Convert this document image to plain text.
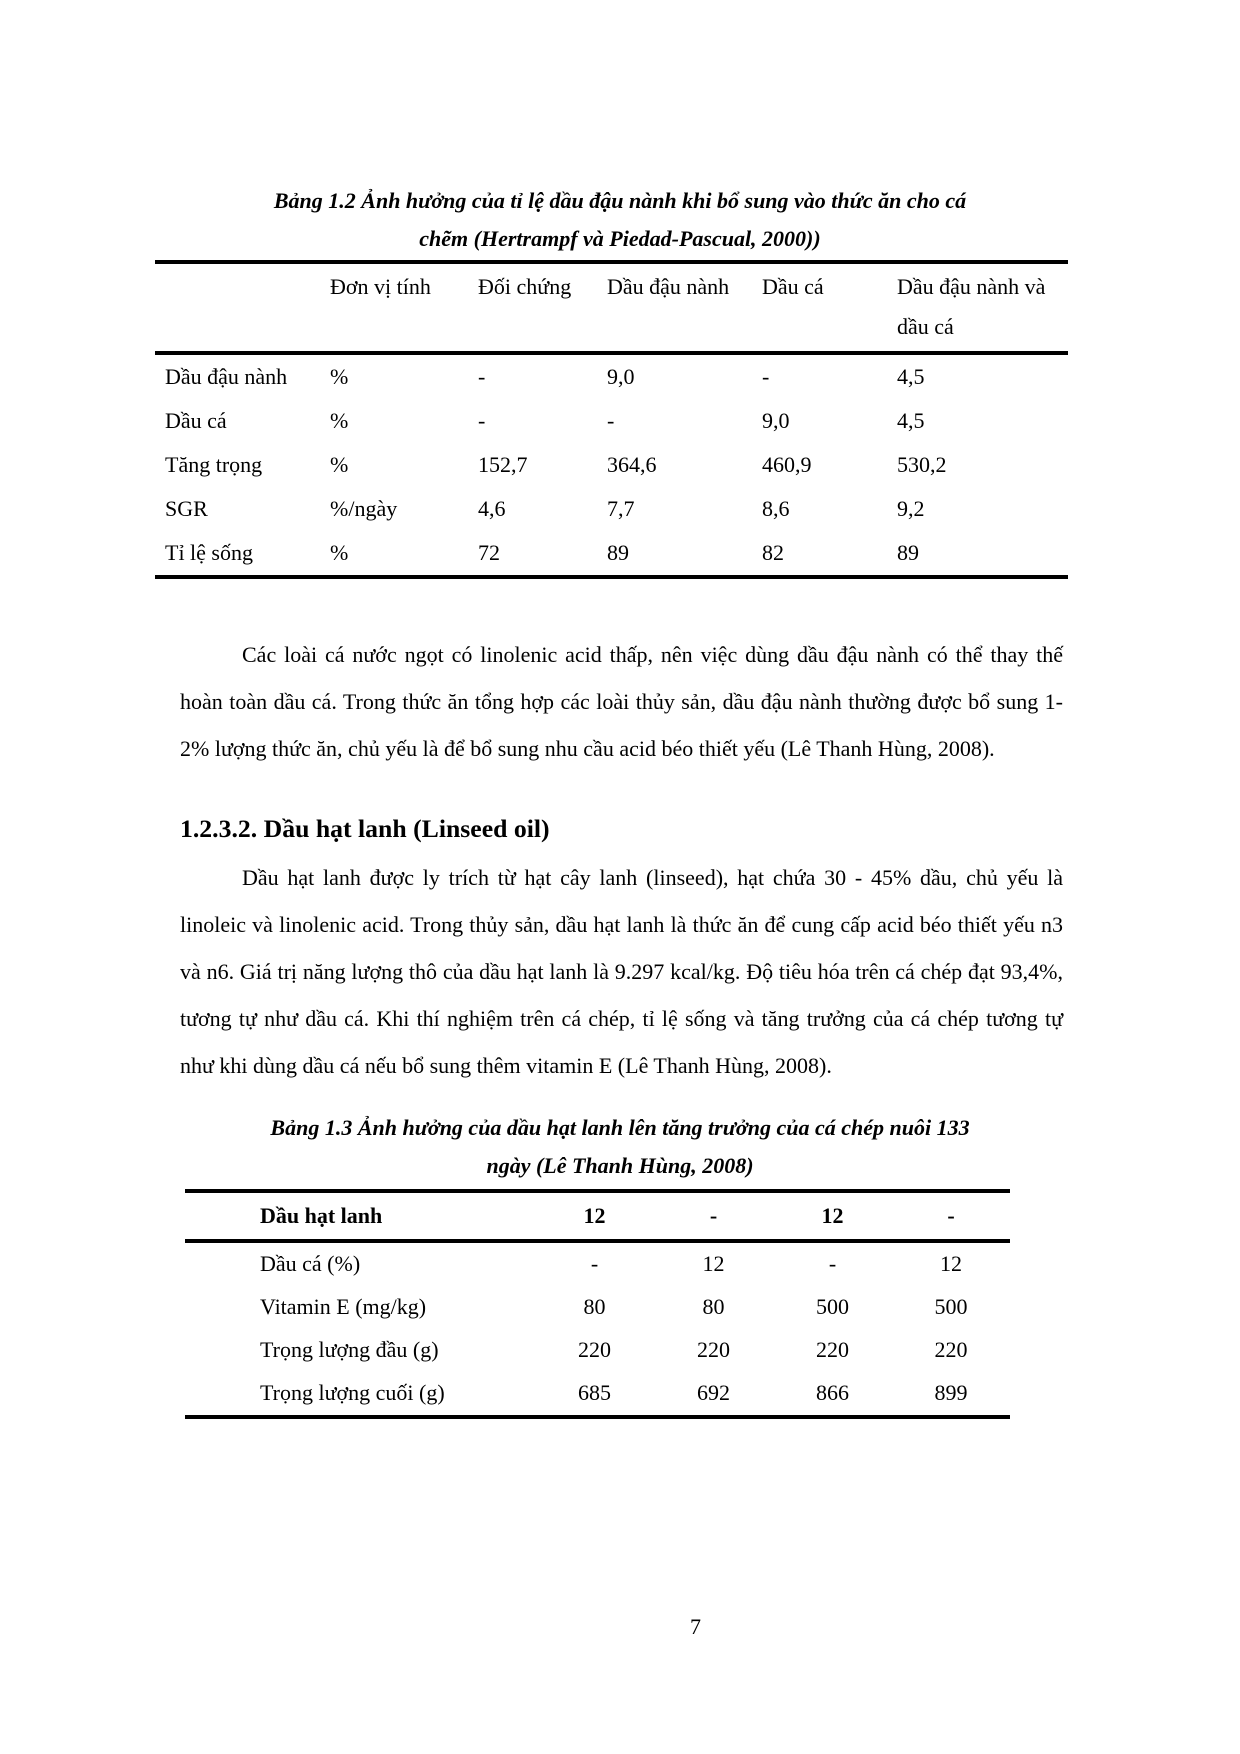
Bảng 1.2 Ảnh hưởng của tỉ lệ dầu đậu nành khi bổ sung vào thức ăn cho cá
chẽm (Hertrampf và Piedad-Pascual, 2000))
	Đơn vị tính	Đối chứng	Dầu đậu nành	Dầu cá	Dầu đậu nành và dầu cá
Dầu đậu nành	%	-	9,0	-	4,5
Dầu cá	%	-	-	9,0	4,5
Tăng trọng	%	152,7	364,6	460,9	530,2
SGR	%/ngày	4,6	7,7	8,6	9,2
Tỉ lệ sống	%	72	89	82	89

Các loài cá nước ngọt có linolenic acid thấp, nên việc dùng dầu đậu nành có thể thay thế hoàn toàn dầu cá. Trong thức ăn tổng hợp các loài thủy sản, dầu đậu nành thường được bổ sung 1-2% lượng thức ăn, chủ yếu là để bổ sung nhu cầu acid béo thiết yếu (Lê Thanh Hùng, 2008).

1.2.3.2. Dầu hạt lanh (Linseed oil)

Dầu hạt lanh được ly trích từ hạt cây lanh (linseed), hạt chứa 30 - 45% dầu, chủ yếu là linoleic và linolenic acid. Trong thủy sản, dầu hạt lanh là thức ăn để cung cấp acid béo thiết yếu n3 và n6. Giá trị năng lượng thô của dầu hạt lanh là 9.297 kcal/kg. Độ tiêu hóa trên cá chép đạt 93,4%, tương tự như dầu cá. Khi thí nghiệm trên cá chép, tỉ lệ sống và tăng trưởng của cá chép tương tự như khi dùng dầu cá nếu bổ sung thêm vitamin E (Lê Thanh Hùng, 2008).

Bảng 1.3 Ảnh hưởng của dầu hạt lanh lên tăng trưởng của cá chép nuôi 133
ngày (Lê Thanh Hùng, 2008)
Dầu hạt lanh	12	-	12	-
Dầu cá (%)	-	12	-	12
Vitamin E (mg/kg)	80	80	500	500
Trọng lượng đầu (g)	220	220	220	220
Trọng lượng cuối (g)	685	692	866	899
7
